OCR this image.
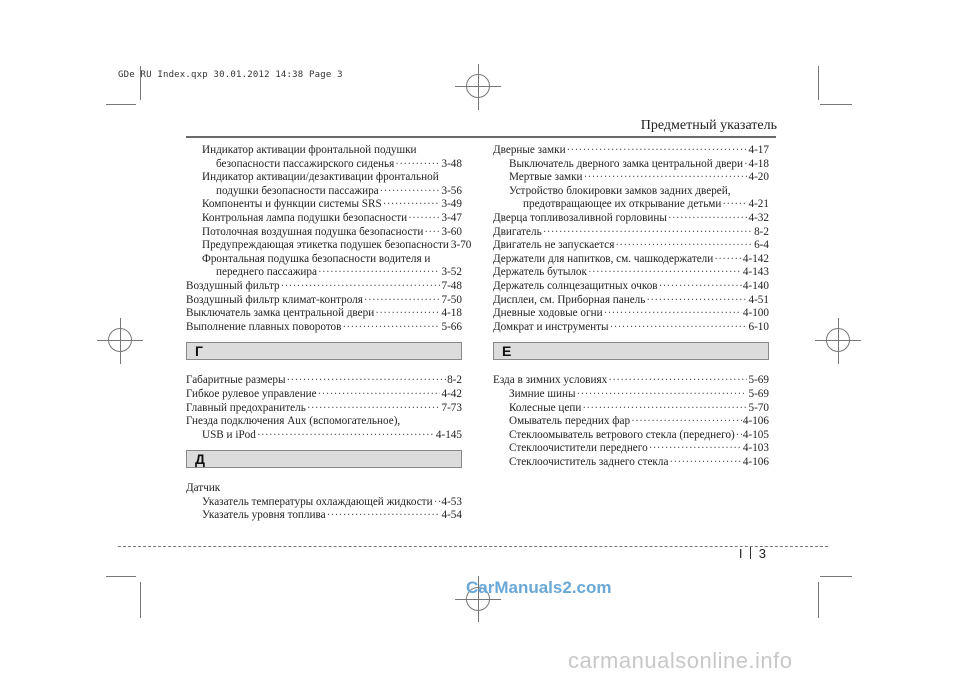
GDe RU Index.qxp 30.01.2012 14:38 Page 3
Предметный указатель
Индикатор активации фронтальной подушки
безопасности пассажирского сиденья ·····	3-48
Индикатор активации/дезактивации фронтальной
подушки безопасности пассажира ·····	3-56
Компоненты и функции системы SRS ·····	3-49
Контрольная лампа подушки безопасности ·····	3-47
Потолочная воздушная подушка безопасности ····· 3-60
Предупреждающая этикетка подушек безопасности 3-70
Фронтальная подушка безопасности водителя и
переднего пассажира ·····	3-52
Воздушный фильтр ·····	7-48
Воздушный фильтр климат-контроля ·····	7-50
Выключатель замка центральной двери ·····	4-18
Выполнение плавных поворотов ·····	5-66
Г
Габаритные размеры ·····	8-2
Гибкое рулевое управление ·····	4-42
Главный предохранитель ·····	7-73
Гнезда подключения Aux (вспомогательное),
USB и iPod ·····	4-145
Д
Датчик
Указатель температуры охлаждающей жидкости ····· 4-53
Указатель уровня топлива ·····	4-54
Дверные замки ·····	4-17
Выключатель дверного замка центральной двери ····· 4-18
Мертвые замки ·····	4-20
Устройство блокировки замков задних дверей,
предотвращающее их открывание детьми ····· 4-21
Дверца топливозаливной горловины ·····	4-32
Двигатель ·····	8-2
Двигатель не запускается ·····	6-4
Держатели для напитков, см. чашкодержатели ·····	4-142
Держатель бутылок ·····	4-143
Держатель солнцезащитных очков ·····	4-140
Дисплеи, см. Приборная панель ·····	4-51
Дневные ходовые огни ·····	4-100
Домкрат и инструменты ·····	6-10
Е
Езда в зимних условиях ·····	5-69
Зимние шины ·····	5-69
Колесные цепи ·····	5-70
Омыватель передних фар ·····	4-106
Стеклоомыватель ветрового стекла (переднего) ····· 4-105
Стеклоочистители переднего ·····	4-103
Стеклоочиститель заднего стекла ·····	4-106
I 3
CarManuals2.com
carmanualsonline.info
